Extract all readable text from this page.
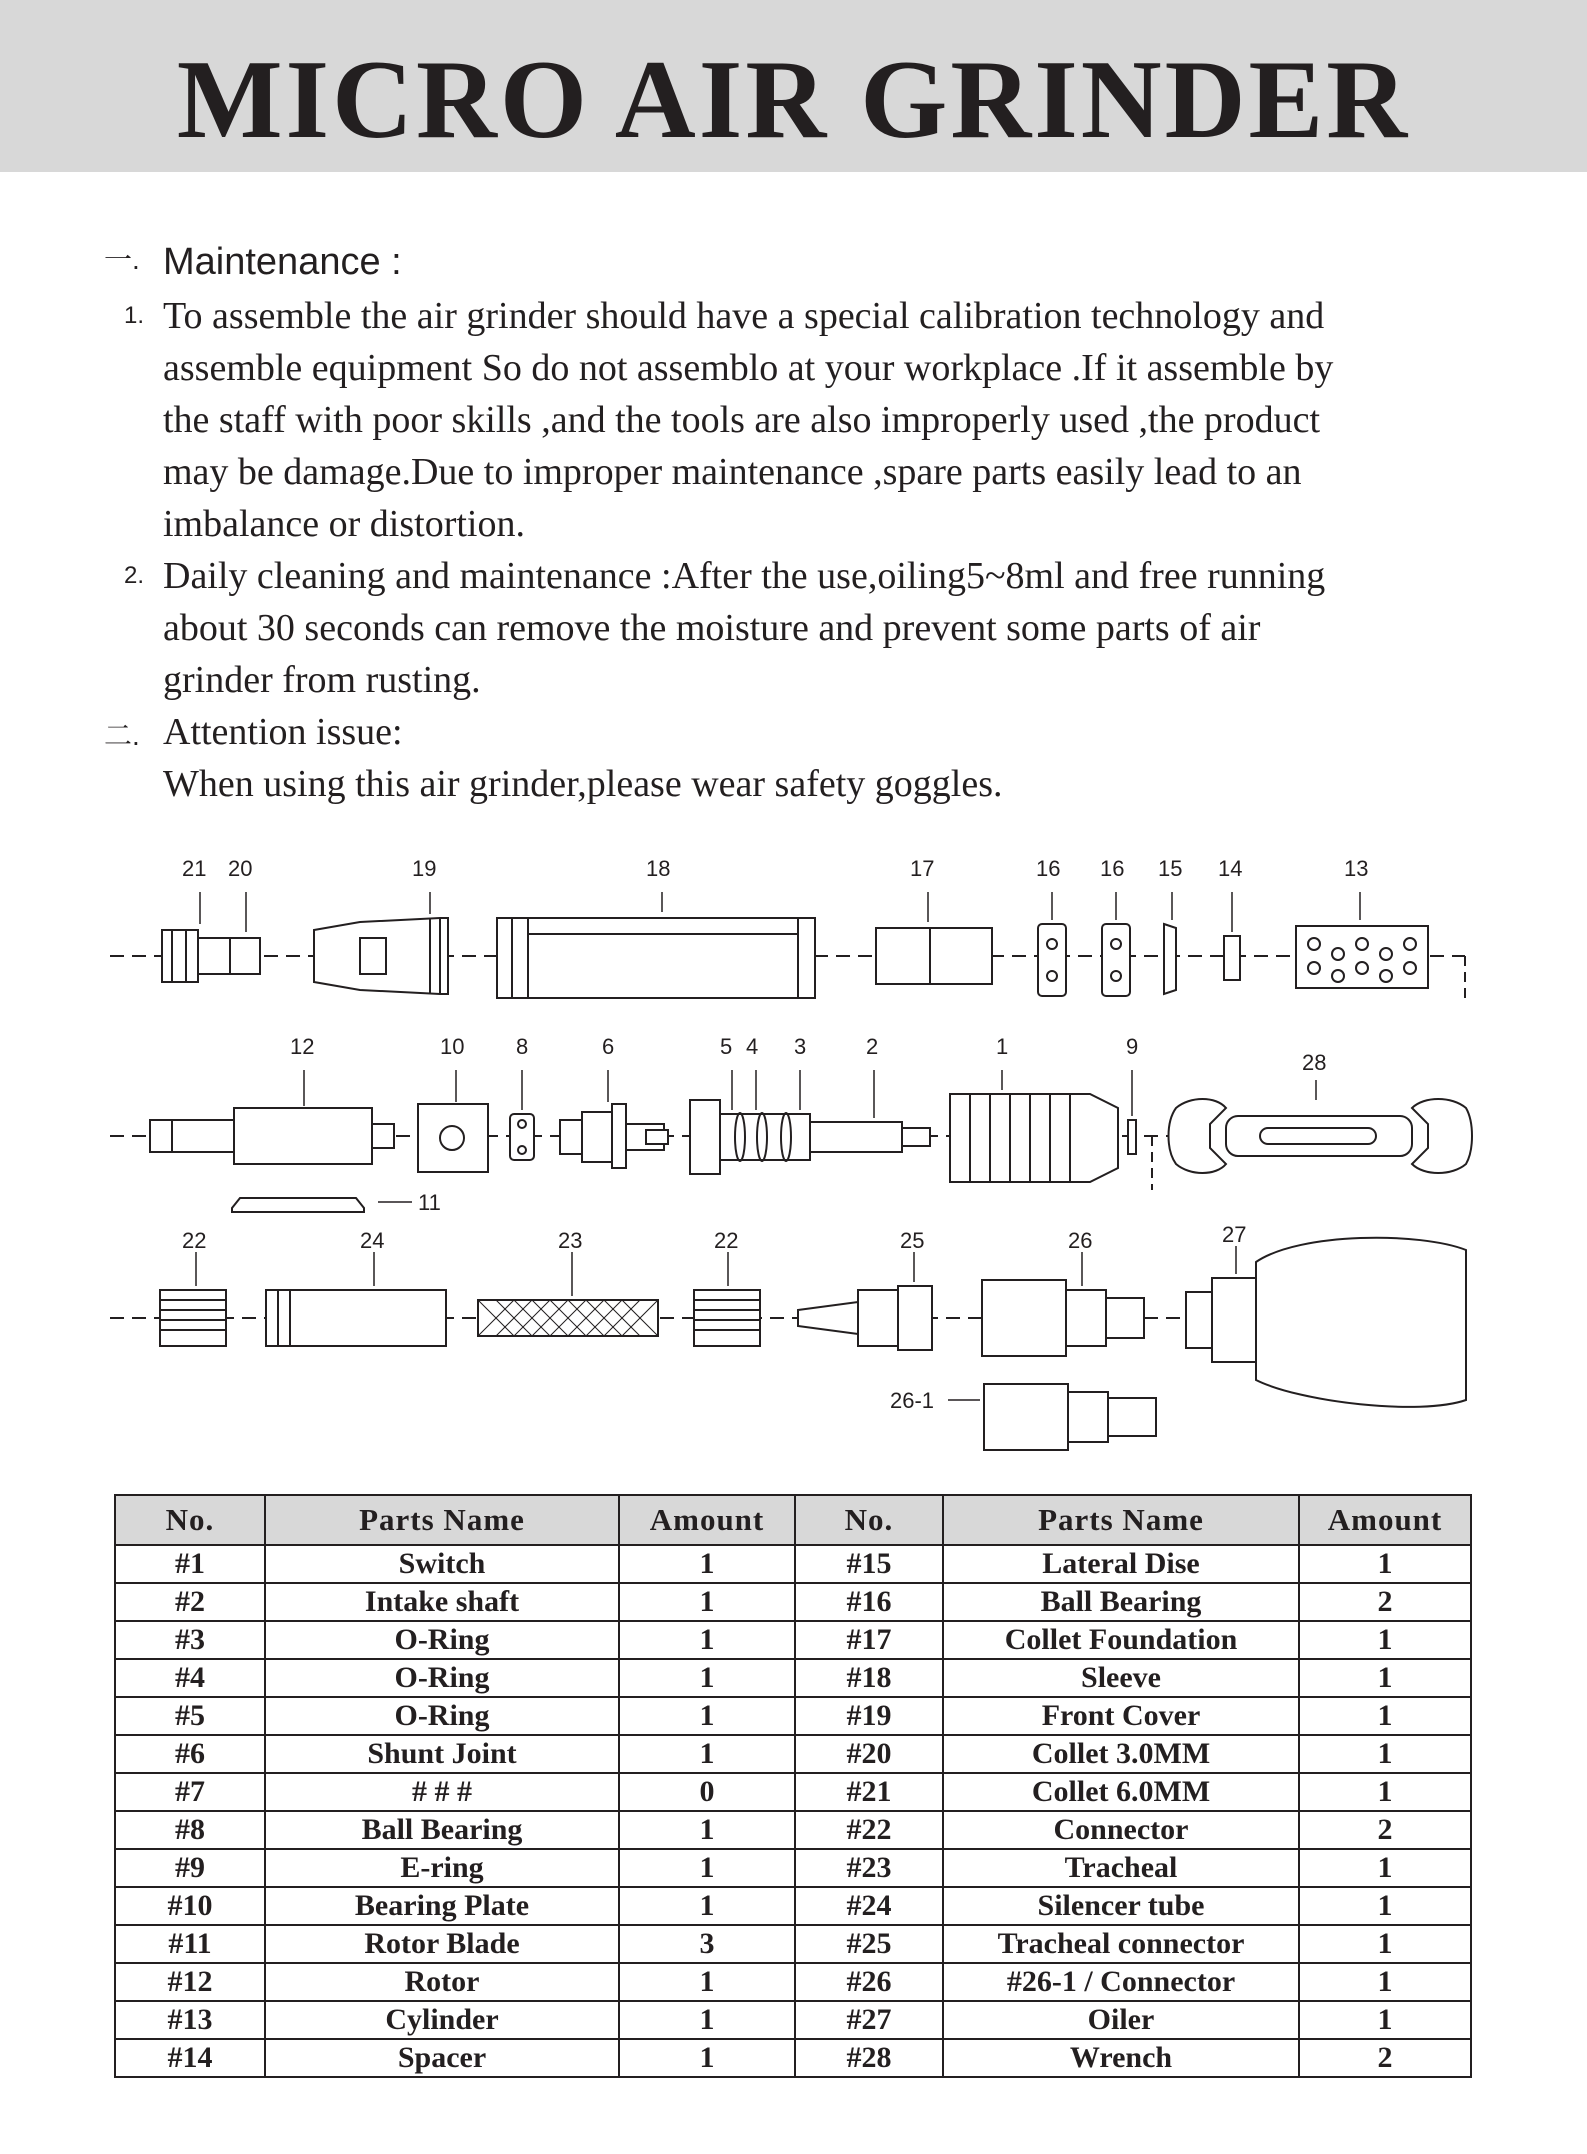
MICRO AIR GRINDER
一. Maintenance :
1. To assemble the air grinder should have a special calibration technology and
assemble equipment So do not assemblo at your workplace .If it assemble by
the staff with poor skills ,and the tools are also improperly used ,the product
may be damage.Due to improper maintenance ,spare parts easily lead to an
imbalance or distortion.
2. Daily cleaning and maintenance :After the use,oiling5~8ml and free running
about 30 seconds can remove the moisture and prevent some parts of air
grinder from rusting.
二. Attention issue:
When using this air grinder,please wear safety goggles.
21 20	19	18	17	16 16 15 14	13
12	10 8	6	5 4 3	2	1	9
28
11
22	24	23	22	25	26	27
26-1
No.	Parts Name	Amount	No.	Parts Name	Amount
#1	Switch	1	#15	Lateral Dise	1
#2	Intake shaft	1	#16	Ball Bearing	2
#3	O-Ring	1	#17	Collet Foundation	1
#4	O-Ring	1	#18	Sleeve	1
#5	O-Ring	1	#19	Front Cover	1
#6	Shunt Joint	1	#20	Collet 3.0MM	1
#7	# # #	0	#21	Collet 6.0MM	1
#8	Ball Bearing	1	#22	Connector	2
#9	E-ring	1	#23	Tracheal	1
#10	Bearing Plate	1	#24	Silencer tube	1
#11	Rotor Blade	3	#25	Tracheal connector	1
#12	Rotor	1	#26	#26-1 / Connector	1
#13	Cylinder	1	#27	Oiler	1
#14	Spacer	1	#28	Wrench	2
